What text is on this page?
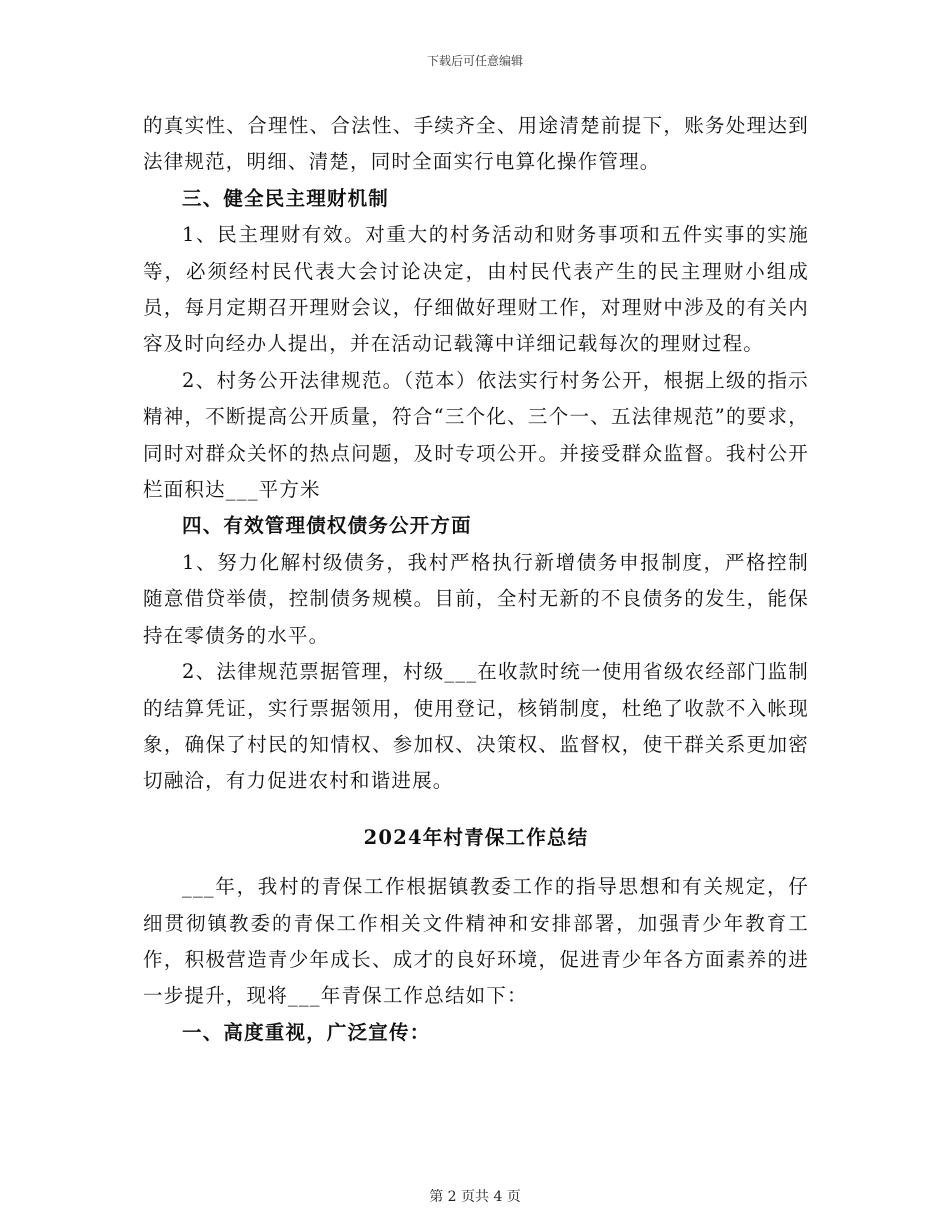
下载后可任意编辑

的真实性、合理性、合法性、手续齐全、用途清楚前提下，账务处理达到法律规范，明细、清楚，同时全面实行电算化操作管理。

三、健全民主理财机制

1、民主理财有效。对重大的村务活动和财务事项和五件实事的实施等，必须经村民代表大会讨论决定，由村民代表产生的民主理财小组成员，每月定期召开理财会议，仔细做好理财工作，对理财中涉及的有关内容及时向经办人提出，并在活动记载簿中详细记载每次的理财过程。

2、村务公开法律规范。（范本）依法实行村务公开，根据上级的指示精神，不断提高公开质量，符合“三个化、三个一、五法律规范”的要求，同时对群众关怀的热点问题，及时专项公开。并接受群众监督。我村公开栏面积达___平方米

四、有效管理债权债务公开方面

1、努力化解村级债务，我村严格执行新增债务申报制度，严格控制随意借贷举债，控制债务规模。目前，全村无新的不良债务的发生，能保持在零债务的水平。

2、法律规范票据管理，村级___在收款时统一使用省级农经部门监制的结算凭证，实行票据领用，使用登记，核销制度，杜绝了收款不入帐现象，确保了村民的知情权、参加权、决策权、监督权，使干群关系更加密切融洽，有力促进农村和谐进展。

2024年村青保工作总结

___年，我村的青保工作根据镇教委工作的指导思想和有关规定，仔细贯彻镇教委的青保工作相关文件精神和安排部署，加强青少年教育工作，积极营造青少年成长、成才的良好环境，促进青少年各方面素养的进一步提升，现将___年青保工作总结如下：

一、高度重视，广泛宣传：

第 2 页共 4 页
